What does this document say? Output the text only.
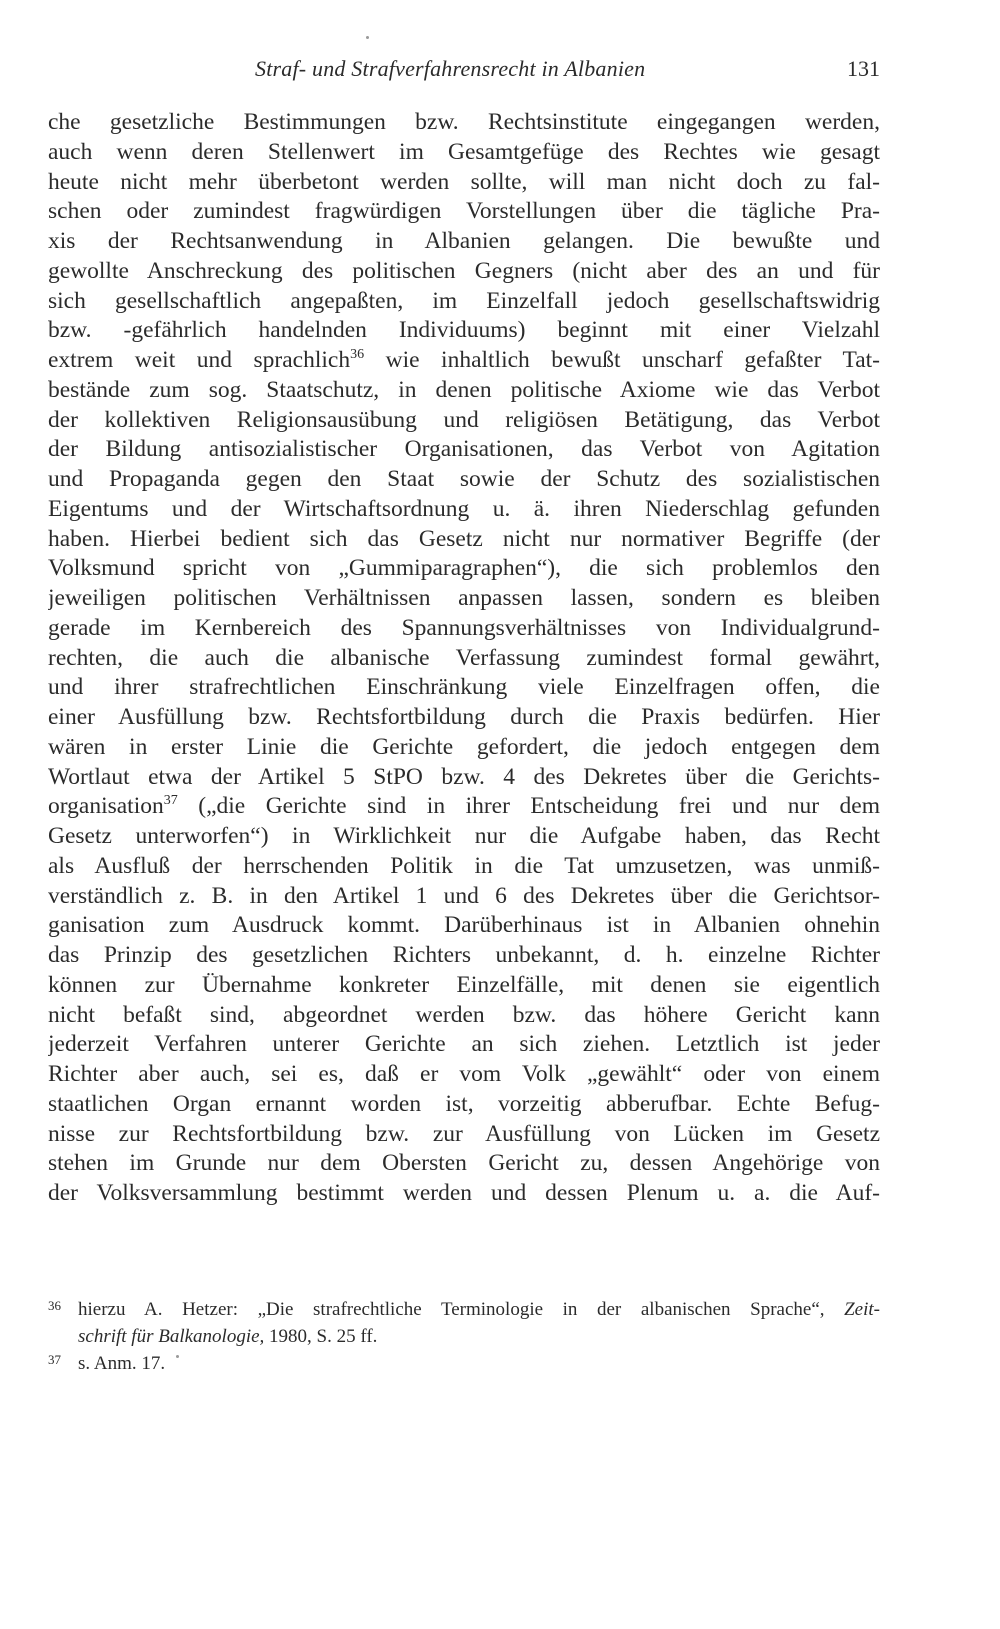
Straf- und Strafverfahrensrecht in Albanien	131
che gesetzliche Bestimmungen bzw. Rechtsinstitute eingegangen werden,
auch wenn deren Stellenwert im Gesamtgefüge des Rechtes wie gesagt
heute nicht mehr überbetont werden sollte, will man nicht doch zu fal-
schen oder zumindest fragwürdigen Vorstellungen über die tägliche Pra-
xis der Rechtsanwendung in Albanien gelangen. Die bewußte und
gewollte Anschreckung des politischen Gegners (nicht aber des an und für
sich gesellschaftlich angepaßten, im Einzelfall jedoch gesellschaftswidrig
bzw. -gefährlich handelnden Individuums) beginnt mit einer Vielzahl
extrem weit und sprachlich$^{36}$ wie inhaltlich bewußt unscharf gefaßter Tat-
bestände zum sog. Staatschutz, in denen politische Axiome wie das Verbot
der kollektiven Religionsausübung und religiösen Betätigung, das Verbot
der Bildung antisozialistischer Organisationen, das Verbot von Agitation
und Propaganda gegen den Staat sowie der Schutz des sozialistischen
Eigentums und der Wirtschaftsordnung u. ä. ihren Niederschlag gefunden
haben. Hierbei bedient sich das Gesetz nicht nur normativer Begriffe (der
Volksmund spricht von „Gummiparagraphen“), die sich problemlos den
jeweiligen politischen Verhältnissen anpassen lassen, sondern es bleiben
gerade im Kernbereich des Spannungsverhältnisses von Individualgrund-
rechten, die auch die albanische Verfassung zumindest formal gewährt,
und ihrer strafrechtlichen Einschränkung viele Einzelfragen offen, die
einer Ausfüllung bzw. Rechtsfortbildung durch die Praxis bedürfen. Hier
wären in erster Linie die Gerichte gefordert, die jedoch entgegen dem
Wortlaut etwa der Artikel 5 StPO bzw. 4 des Dekretes über die Gerichts-
organisation$^{37}$ („die Gerichte sind in ihrer Entscheidung frei und nur dem
Gesetz unterworfen“) in Wirklichkeit nur die Aufgabe haben, das Recht
als Ausfluß der herrschenden Politik in die Tat umzusetzen, was unmiß-
verständlich z. B. in den Artikel 1 und 6 des Dekretes über die Gerichtsor-
ganisation zum Ausdruck kommt. Darüberhinaus ist in Albanien ohnehin
das Prinzip des gesetzlichen Richters unbekannt, d. h. einzelne Richter
können zur Übernahme konkreter Einzelfälle, mit denen sie eigentlich
nicht befaßt sind, abgeordnet werden bzw. das höhere Gericht kann
jederzeit Verfahren unterer Gerichte an sich ziehen. Letztlich ist jeder
Richter aber auch, sei es, daß er vom Volk „gewählt“ oder von einem
staatlichen Organ ernannt worden ist, vorzeitig abberufbar. Echte Befug-
nisse zur Rechtsfortbildung bzw. zur Ausfüllung von Lücken im Gesetz
stehen im Grunde nur dem Obersten Gericht zu, dessen Angehörige von
der Volksversammlung bestimmt werden und dessen Plenum u. a. die Auf-
36 hierzu A. Hetzer: „Die strafrechtliche Terminologie in der albanischen Sprache“, Zeit-
schrift für Balkanologie, 1980, S. 25 ff.
37 s. Anm. 17.
